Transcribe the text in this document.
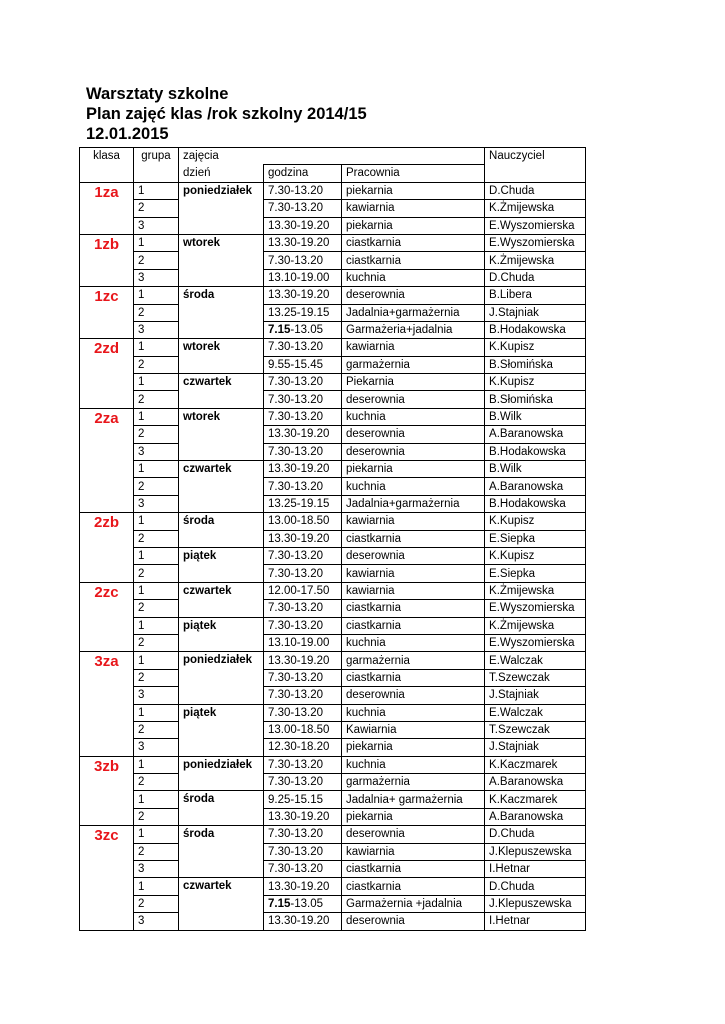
Warsztaty szkolne
Plan zajęć klas /rok szkolny 2014/15
12.01.2015
klasa	grupa	zajęcia			Nauczyciel
		dzień	godzina	Pracownia	
1za	1	poniedziałek	7.30-13.20	piekarnia	D.Chuda
	2		7.30-13.20	kawiarnia	K.Żmijewska
	3		13.30-19.20	piekarnia	E.Wyszomierska
1zb	1	wtorek	13.30-19.20	ciastkarnia	E.Wyszomierska
	2		7.30-13.20	ciastkarnia	K.Żmijewska
	3		13.10-19.00	kuchnia	D.Chuda
1zc	1	środa	13.30-19.20	deserownia	B.Libera
	2		13.25-19.15	Jadalnia+garmażernia	J.Stajniak
	3		7.15-13.05	Garmażeria+jadalnia	B.Hodakowska
2zd	1	wtorek	7.30-13.20	kawiarnia	K.Kupisz
	2		9.55-15.45	garmażernia	B.Słomińska
	1	czwartek	7.30-13.20	Piekarnia	K.Kupisz
	2		7.30-13.20	deserownia	B.Słomińska
2za	1	wtorek	7.30-13.20	kuchnia	B.Wilk
	2		13.30-19.20	deserownia	A.Baranowska
	3		7.30-13.20	deserownia	B.Hodakowska
	1	czwartek	13.30-19.20	piekarnia	B.Wilk
	2		7.30-13.20	kuchnia	A.Baranowska
	3		13.25-19.15	Jadalnia+garmażernia	B.Hodakowska
2zb	1	środa	13.00-18.50	kawiarnia	K.Kupisz
	2		13.30-19.20	ciastkarnia	E.Siepka
	1	piątek	7.30-13.20	deserownia	K.Kupisz
	2		7.30-13.20	kawiarnia	E.Siepka
2zc	1	czwartek	12.00-17.50	kawiarnia	K.Żmijewska
	2		7.30-13.20	ciastkarnia	E.Wyszomierska
	1	piątek	7.30-13.20	ciastkarnia	K.Żmijewska
	2		13.10-19.00	kuchnia	E.Wyszomierska
3za	1	poniedziałek	13.30-19.20	garmażernia	E.Walczak
	2		7.30-13.20	ciastkarnia	T.Szewczak
	3		7.30-13.20	deserownia	J.Stajniak
	1	piątek	7.30-13.20	kuchnia	E.Walczak
	2		13.00-18.50	Kawiarnia	T.Szewczak
	3		12.30-18.20	piekarnia	J.Stajniak
3zb	1	poniedziałek	7.30-13.20	kuchnia	K.Kaczmarek
	2		7.30-13.20	garmażernia	A.Baranowska
	1	środa	9.25-15.15	Jadalnia+ garmażernia	K.Kaczmarek
	2		13.30-19.20	piekarnia	A.Baranowska
3zc	1	środa	7.30-13.20	deserownia	D.Chuda
	2		7.30-13.20	kawiarnia	J.Klepuszewska
	3		7.30-13.20	ciastkarnia	I.Hetnar
	1	czwartek	13.30-19.20	ciastkarnia	D.Chuda
	2		7.15-13.05	Garmażernia +jadalnia	J.Klepuszewska
	3		13.30-19.20	deserownia	I.Hetnar
